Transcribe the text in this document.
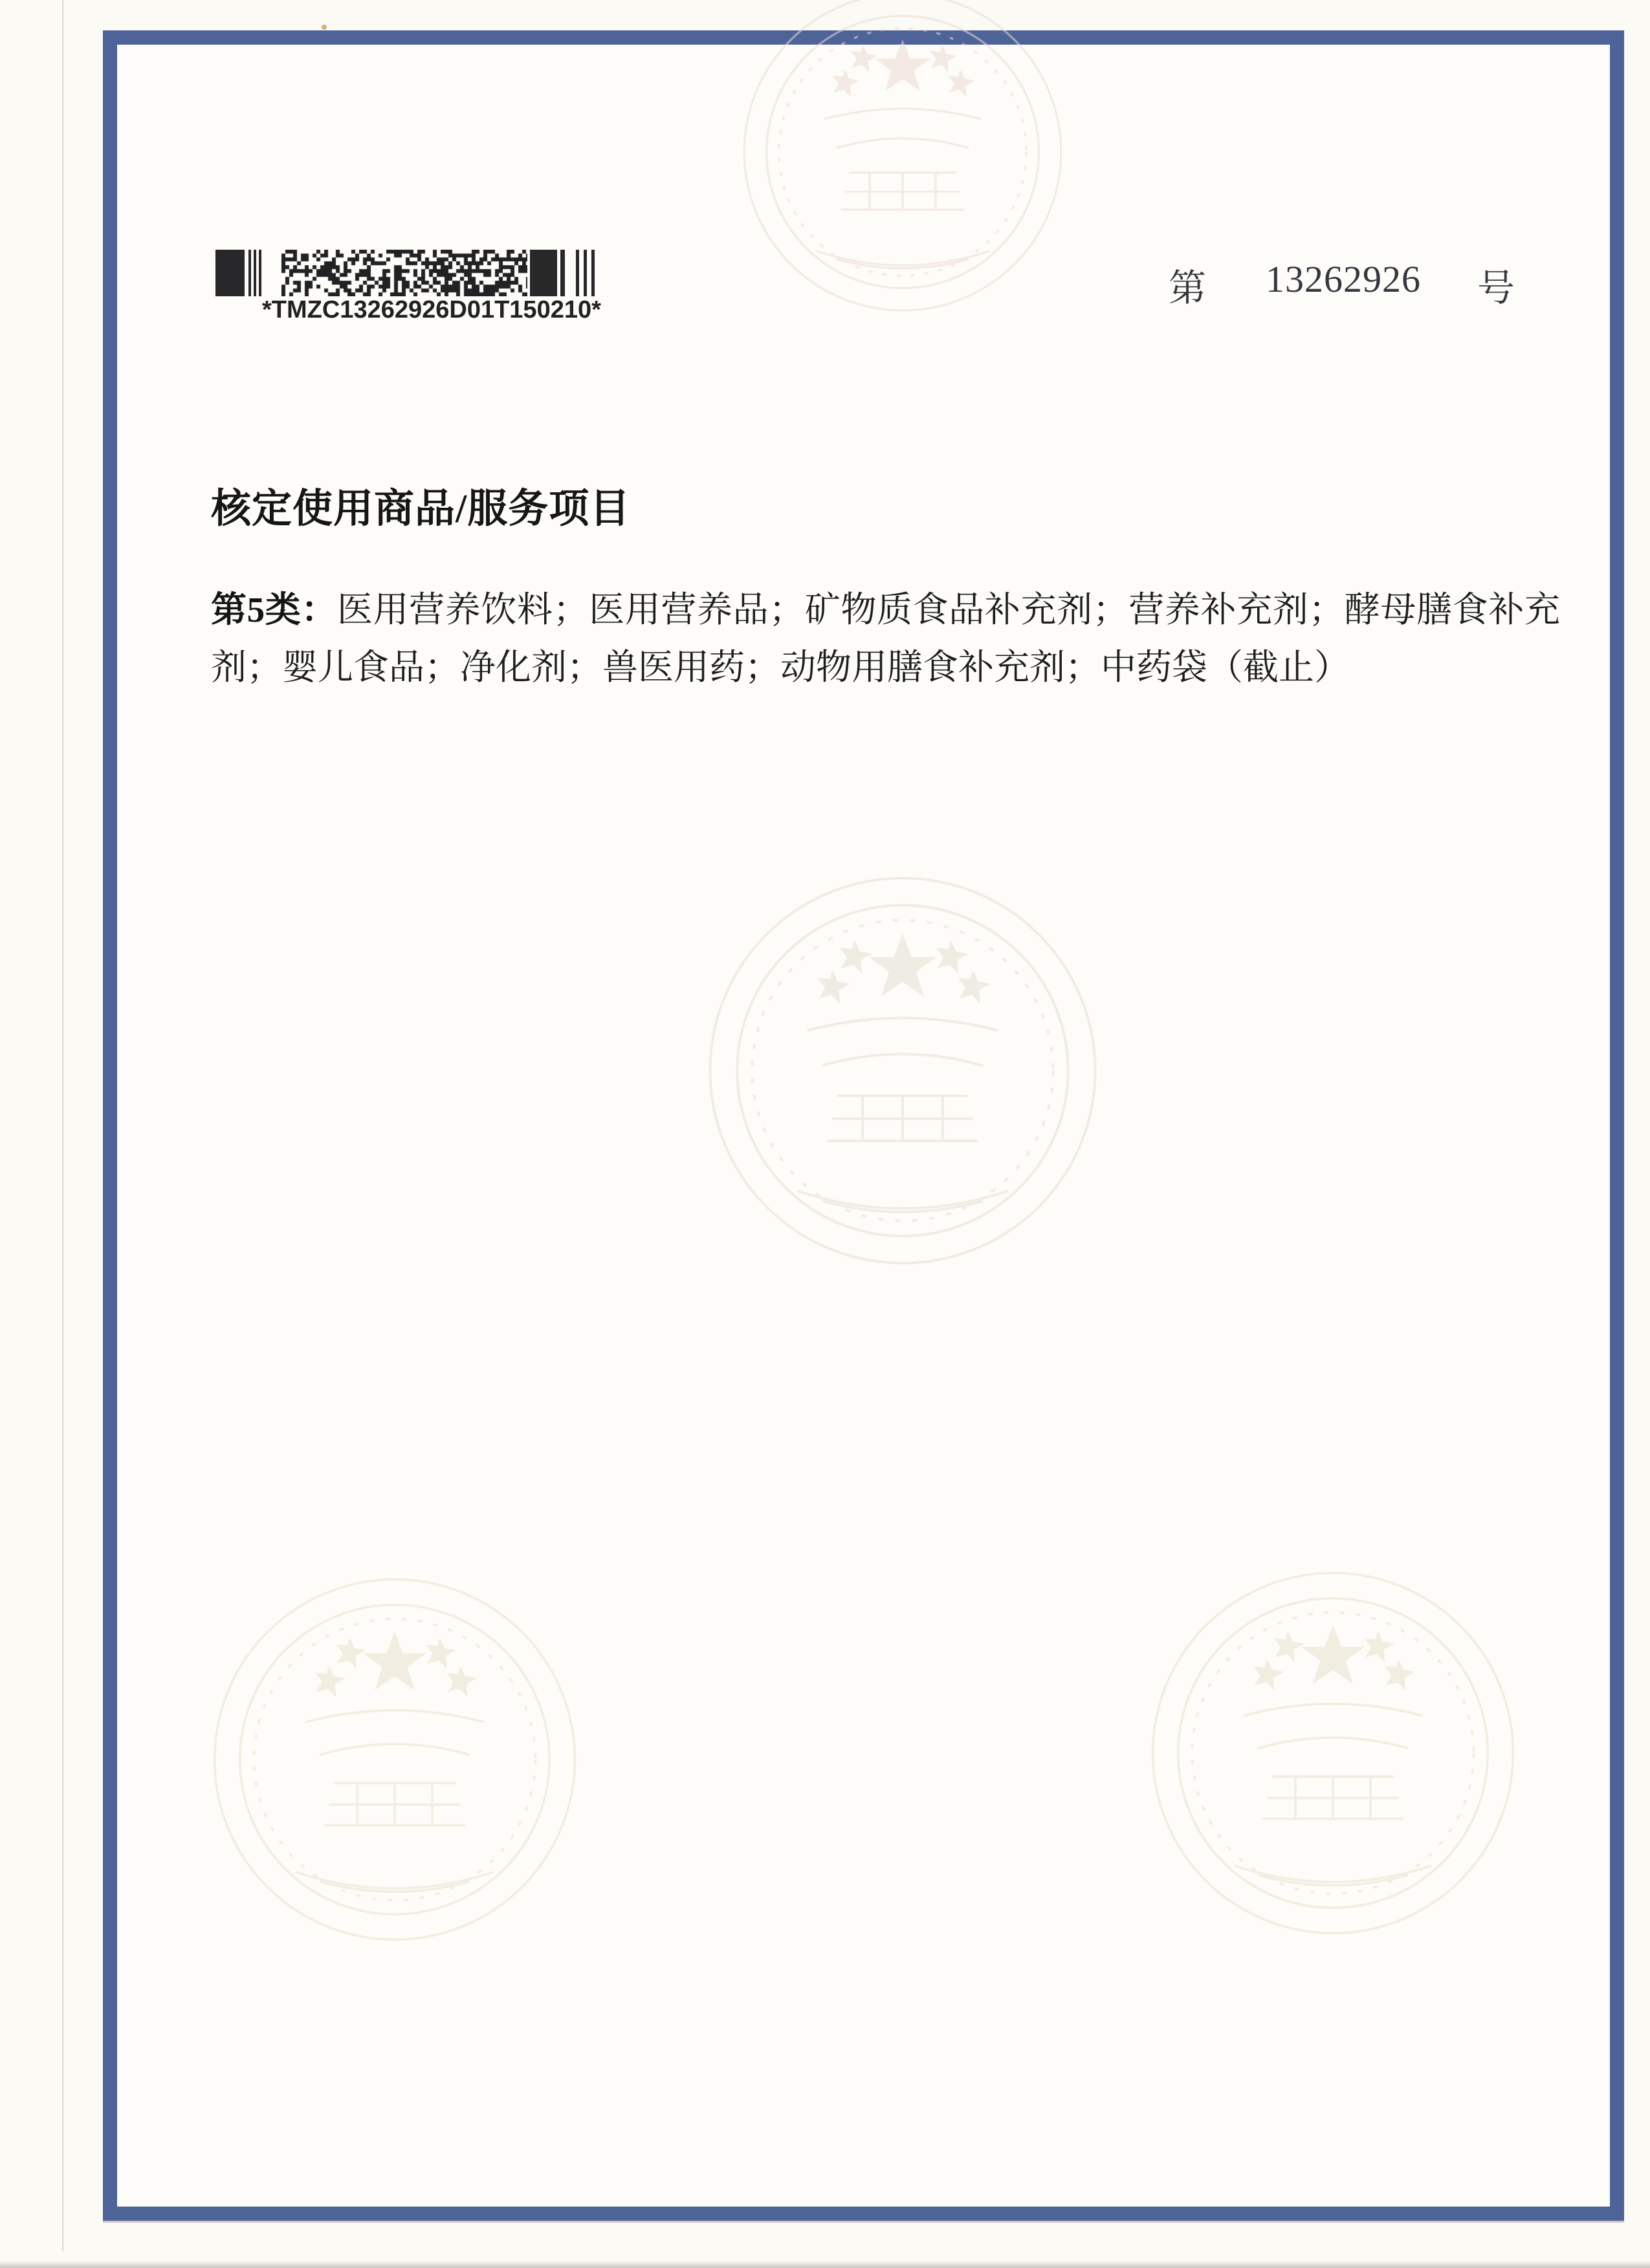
*TMZC13262926D01T150210*
第 13262926 号
核定使用商品/服务项目

第5类：医用营养饮料；医用营养品；矿物质食品补充剂；营养补充剂；酵母膳食补充剂；婴儿食品；净化剂；兽医用药；动物用膳食补充剂；中药袋（截止）
